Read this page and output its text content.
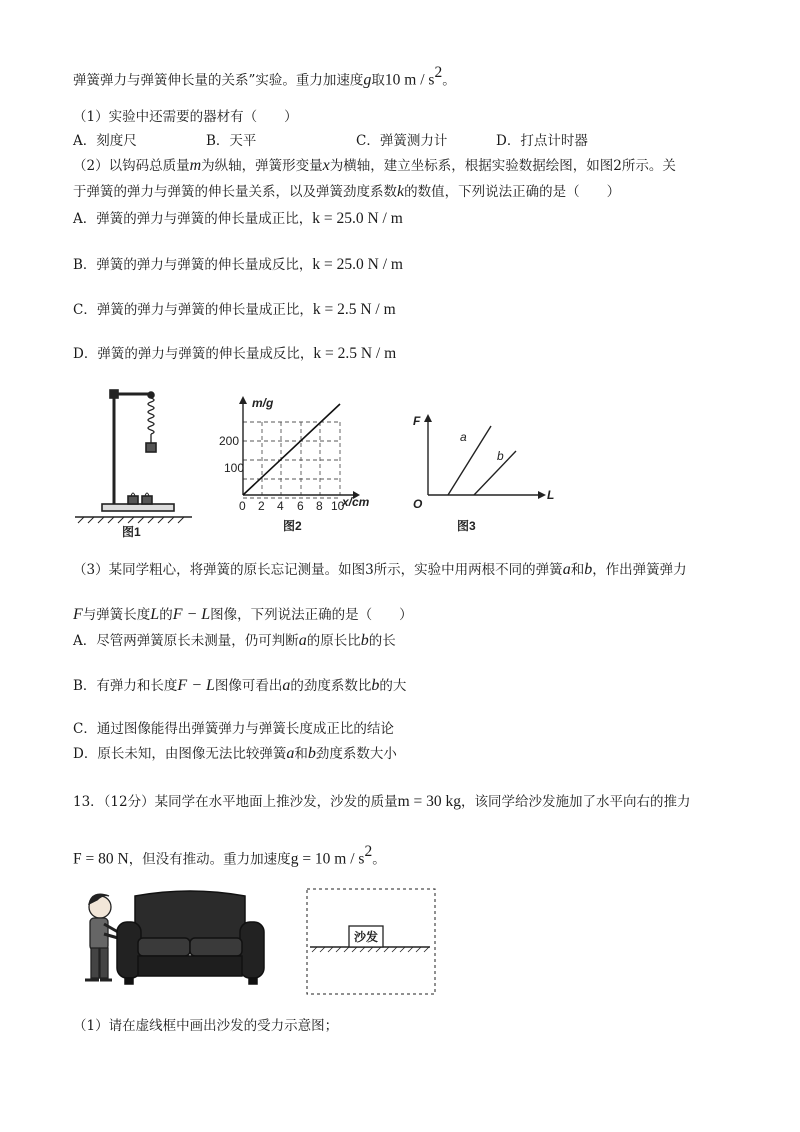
弹簧弹力与弹簧伸长量的关系”实验。重力加速度g取10 m / $s^2$。
（1）实验中还需要的器材有（　　）
A．刻度尺	B．天平	C．弹簧测力计	D．打点计时器
（2）以钩码总质量m为纵轴，弹簧形变量x为横轴，建立坐标系，根据实验数据绘图，如图2所示。关
于弹簧的弹力与弹簧的伸长量关系，以及弹簧劲度系数k的数值，下列说法正确的是（　　）
A．弹簧的弹力与弹簧的伸长量成正比，k = 25.0 N / m
B．弹簧的弹力与弹簧的伸长量成反比，k = 25.0 N / m
C．弹簧的弹力与弹簧的伸长量成正比，k = 2.5 N / m
D．弹簧的弹力与弹簧的伸长量成反比，k = 2.5 N / m
图1
m/g
x/cm
200
100
0 2 4 6 8 10
图2
F
L
O
a
b
图3
（3）某同学粗心，将弹簧的原长忘记测量。如图3所示，实验中用两根不同的弹簧a和b，作出弹簧弹力
F与弹簧长度L的F − L图像，下列说法正确的是（　　）
A．尽管两弹簧原长未测量，仍可判断a的原长比b的长
B．有弹力和长度F − L图像可看出a的劲度系数比b的大
C．通过图像能得出弹簧弹力与弹簧长度成正比的结论
D．原长未知，由图像无法比较弹簧a和b劲度系数大小
13．（12分）某同学在水平地面上推沙发，沙发的质量m = 30 kg，该同学给沙发施加了水平向右的推力
F = 80 N，但没有推动。重力加速度g = 10 m / $s^2$。
沙发
（1）请在虚线框中画出沙发的受力示意图；
